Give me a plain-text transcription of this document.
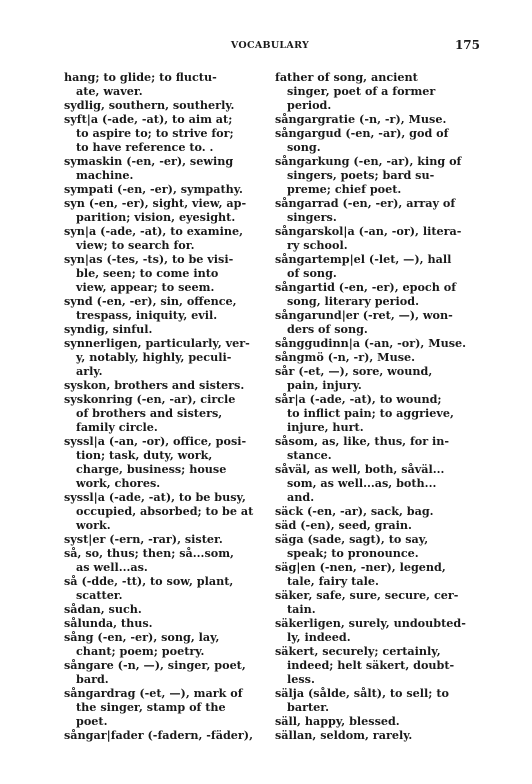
VOCABULARY	175

hang; to glide; to fluctu-
ate, waver.

sydlig, southern, southerly.

syft|a (-ade, -at), to aim at;
to aspire to; to strive for;
to have reference to. .

symaskin (-en, -er), sewing
machine.

sympati (-en, -er), sympathy.

syn (-en, -er), sight, view, ap-
parition; vision, eyesight.

syn|a (-ade, -at), to examine,
view; to search for.

syn|as (-tes, -ts), to be visi-
ble, seen; to come into
view, appear; to seem.

synd (-en, -er), sin, offence,
trespass, iniquity, evil.

syndig, sinful.

synnerligen, particularly, ver-
y, notably, highly, peculi-
arly.

syskon, brothers and sisters.

syskonring (-en, -ar), circle
of brothers and sisters,
family circle.

syssl|a (-an, -or), office, posi-
tion; task, duty, work,
charge, business; house
work, chores.

syssl|a (-ade, -at), to be busy,
occupied, absorbed; to be at
work.

syst|er (-ern, -rar), sister.

så, so, thus; then; så...som,
as well...as.

så (-dde, -tt), to sow, plant,
scatter.

sådan, such.

sålunda, thus.

sång (-en, -er), song, lay,
chant; poem; poetry.

sångare (-n, —), singer, poet,
bard.

sångardrag (-et, —), mark of
the singer, stamp of the
poet.

sångar|fader (-fadern, -fäder),

father of song, ancient
singer, poet of a former
period.

sångargratie (-n, -r), Muse.

sångargud (-en, -ar), god of
song.

sångarkung (-en, -ar), king of
singers, poets; bard su-
preme; chief poet.

sångarrad (-en, -er), array of
singers.

sångarskol|a (-an, -or), litera-
ry school.

sångartemp|el (-let, —), hall
of song.

sångartid (-en, -er), epoch of
song, literary period.

sångarund|er (-ret, —), won-
ders of song.

sånggudinn|a (-an, -or), Muse.

sångmö (-n, -r), Muse.

sår (-et, —), sore, wound,
pain, injury.

sår|a (-ade, -at), to wound;
to inflict pain; to aggrieve,
injure, hurt.

såsom, as, like, thus, for in-
stance.

såväl, as well, both, såväl...
som, as well...as, both...
and.

säck (-en, -ar), sack, bag.

säd (-en), seed, grain.

säga (sade, sagt), to say,
speak; to pronounce.

säg|en (-nen, -ner), legend,
tale, fairy tale.

säker, safe, sure, secure, cer-
tain.

säkerligen, surely, undoubted-
ly, indeed.

säkert, securely; certainly,
indeed; helt säkert, doubt-
less.

sälja (sålde, sålt), to sell; to
barter.

säll, happy, blessed.

sällan, seldom, rarely.
